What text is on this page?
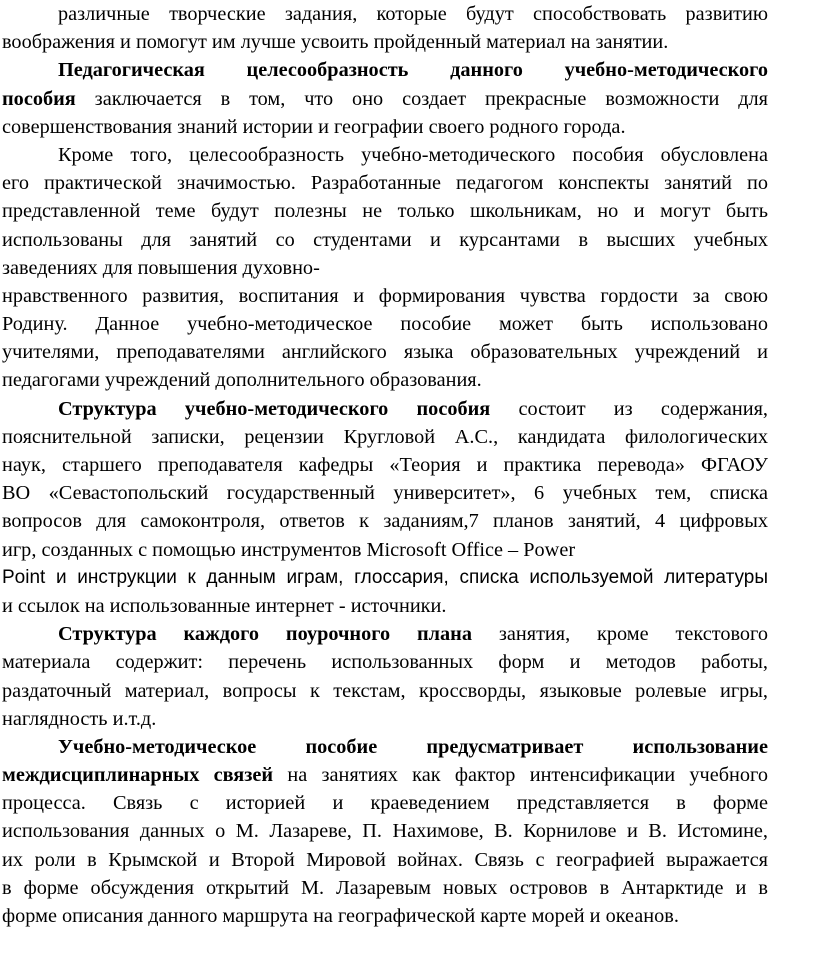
различные творческие задания, которые будут способствовать развитию
воображения и помогут им лучше усвоить пройденный материал на занятии.
Педагогическая целесообразность данного учебно-методического
пособия заключается в том, что оно создает прекрасные возможности для
совершенствования знаний истории и географии своего родного города.
Кроме того, целесообразность учебно-методического пособия обусловлена
его практической значимостью. Разработанные педагогом конспекты занятий по
представленной теме будут полезны не только школьникам, но и могут быть
использованы для занятий со студентами и курсантами в высших учебных
заведениях для повышения духовно-
нравственного развития, воспитания и формирования чувства гордости за свою
Родину. Данное учебно-методическое пособие может быть использовано
учителями, преподавателями английского языка образовательных учреждений и
педагогами учреждений дополнительного образования.
Структура учебно-методического пособия состоит из содержания,
пояснительной записки, рецензии Кругловой А.С., кандидата филологических
наук, старшего преподавателя кафедры «Теория и практика перевода» ФГАОУ
ВО «Севастопольский государственный университет», 6 учебных тем, списка
вопросов для самоконтроля, ответов к заданиям,7 планов занятий, 4 цифровых
игр, созданных с помощью инструментов Microsoft Office – Power
Point и инструкции к данным играм, глоссария, списка используемой литературы
и ссылок на использованные интернет - источники.
Структура каждого поурочного плана занятия, кроме текстового
материала содержит: перечень использованных форм и методов работы,
раздаточный материал, вопросы к текстам, кроссворды, языковые ролевые игры,
наглядность и.т.д.
Учебно-методическое пособие предусматривает использование
междисциплинарных связей на занятиях как фактор интенсификации учебного
процесса. Связь с историей и краеведением представляется в форме
использования данных о М. Лазареве, П. Нахимове, В. Корнилове и В. Истомине,
их роли в Крымской и Второй Мировой войнах. Связь с географией выражается
в форме обсуждения открытий М. Лазаревым новых островов в Антарктиде и в
форме описания данного маршрута на географической карте морей и океанов.
